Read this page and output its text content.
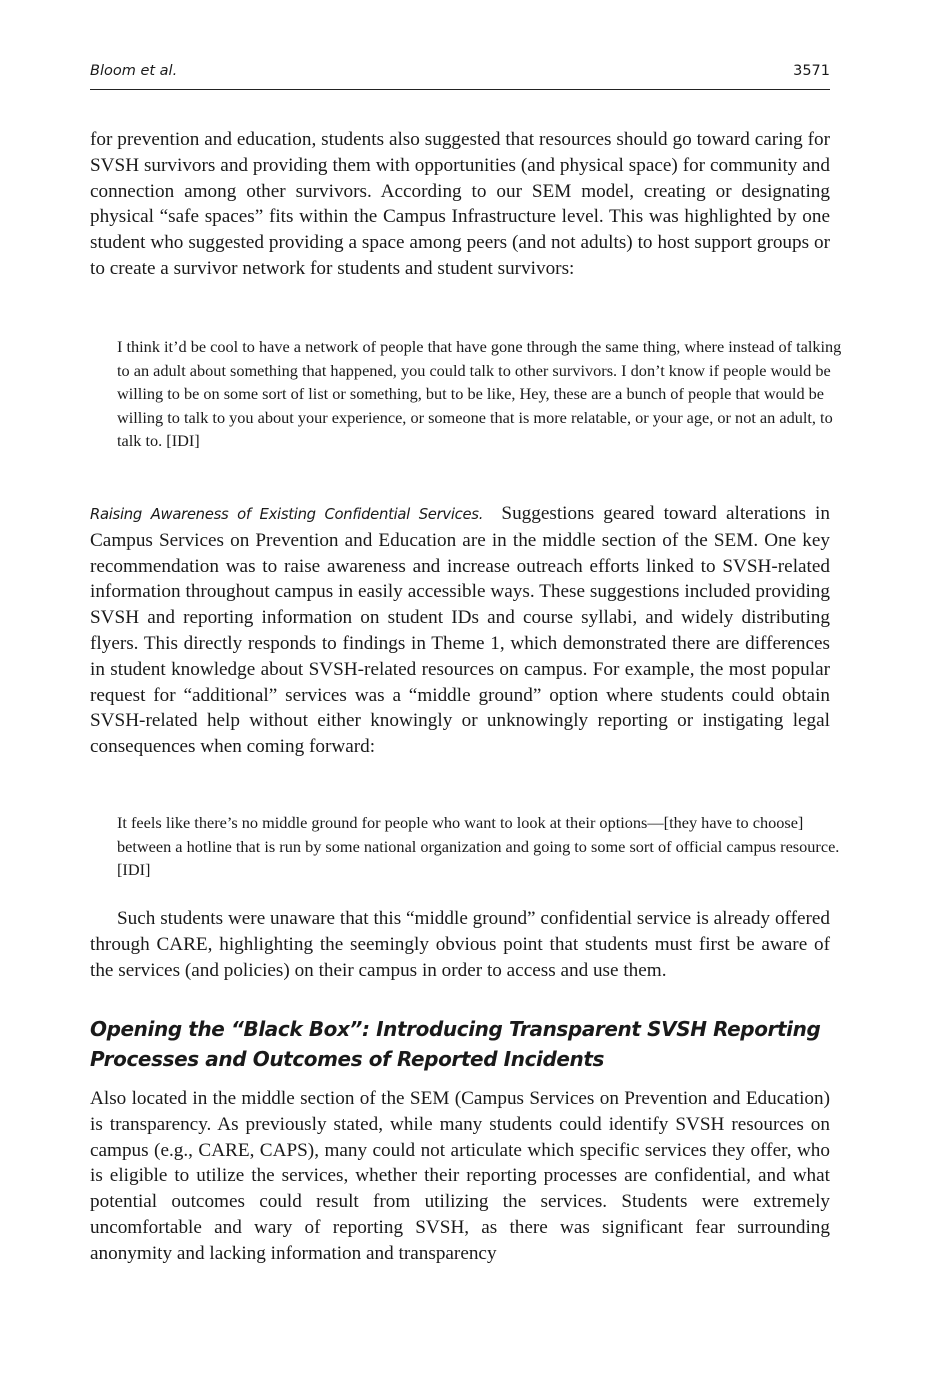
Bloom et al.	3571

for prevention and education, students also suggested that resources should go toward caring for SVSH survivors and providing them with opportunities (and physical space) for community and connection among other survivors. According to our SEM model, creating or designating physical “safe spaces” fits within the Campus Infrastructure level. This was highlighted by one student who suggested providing a space among peers (and not adults) to host support groups or to create a survivor network for students and student survivors:

I think it’d be cool to have a network of people that have gone through the same thing, where instead of talking to an adult about something that happened, you could talk to other survivors. I don’t know if people would be willing to be on some sort of list or something, but to be like, Hey, these are a bunch of people that would be willing to talk to you about your experience, or someone that is more relatable, or your age, or not an adult, to talk to. [IDI]

Raising Awareness of Existing Confidential Services. Suggestions geared toward alterations in Campus Services on Prevention and Education are in the middle section of the SEM. One key recommendation was to raise awareness and increase outreach efforts linked to SVSH-related information throughout campus in easily accessible ways. These suggestions included providing SVSH and reporting information on student IDs and course syllabi, and widely distributing flyers. This directly responds to findings in Theme 1, which demonstrated there are differences in student knowledge about SVSH-related resources on campus. For example, the most popular request for “additional” services was a “middle ground” option where students could obtain SVSH-related help without either knowingly or unknowingly reporting or instigating legal consequences when coming forward:

It feels like there’s no middle ground for people who want to look at their options—[they have to choose] between a hotline that is run by some national organization and going to some sort of official campus resource. [IDI]

Such students were unaware that this “middle ground” confidential service is already offered through CARE, highlighting the seemingly obvious point that students must first be aware of the services (and policies) on their campus in order to access and use them.

Opening the “Black Box”: Introducing Transparent SVSH Reporting Processes and Outcomes of Reported Incidents

Also located in the middle section of the SEM (Campus Services on Prevention and Education) is transparency. As previously stated, while many students could identify SVSH resources on campus (e.g., CARE, CAPS), many could not articulate which specific services they offer, who is eligible to utilize the services, whether their reporting processes are confidential, and what potential outcomes could result from utilizing the services. Students were extremely uncomfortable and wary of reporting SVSH, as there was significant fear surrounding anonymity and lacking information and transparency
